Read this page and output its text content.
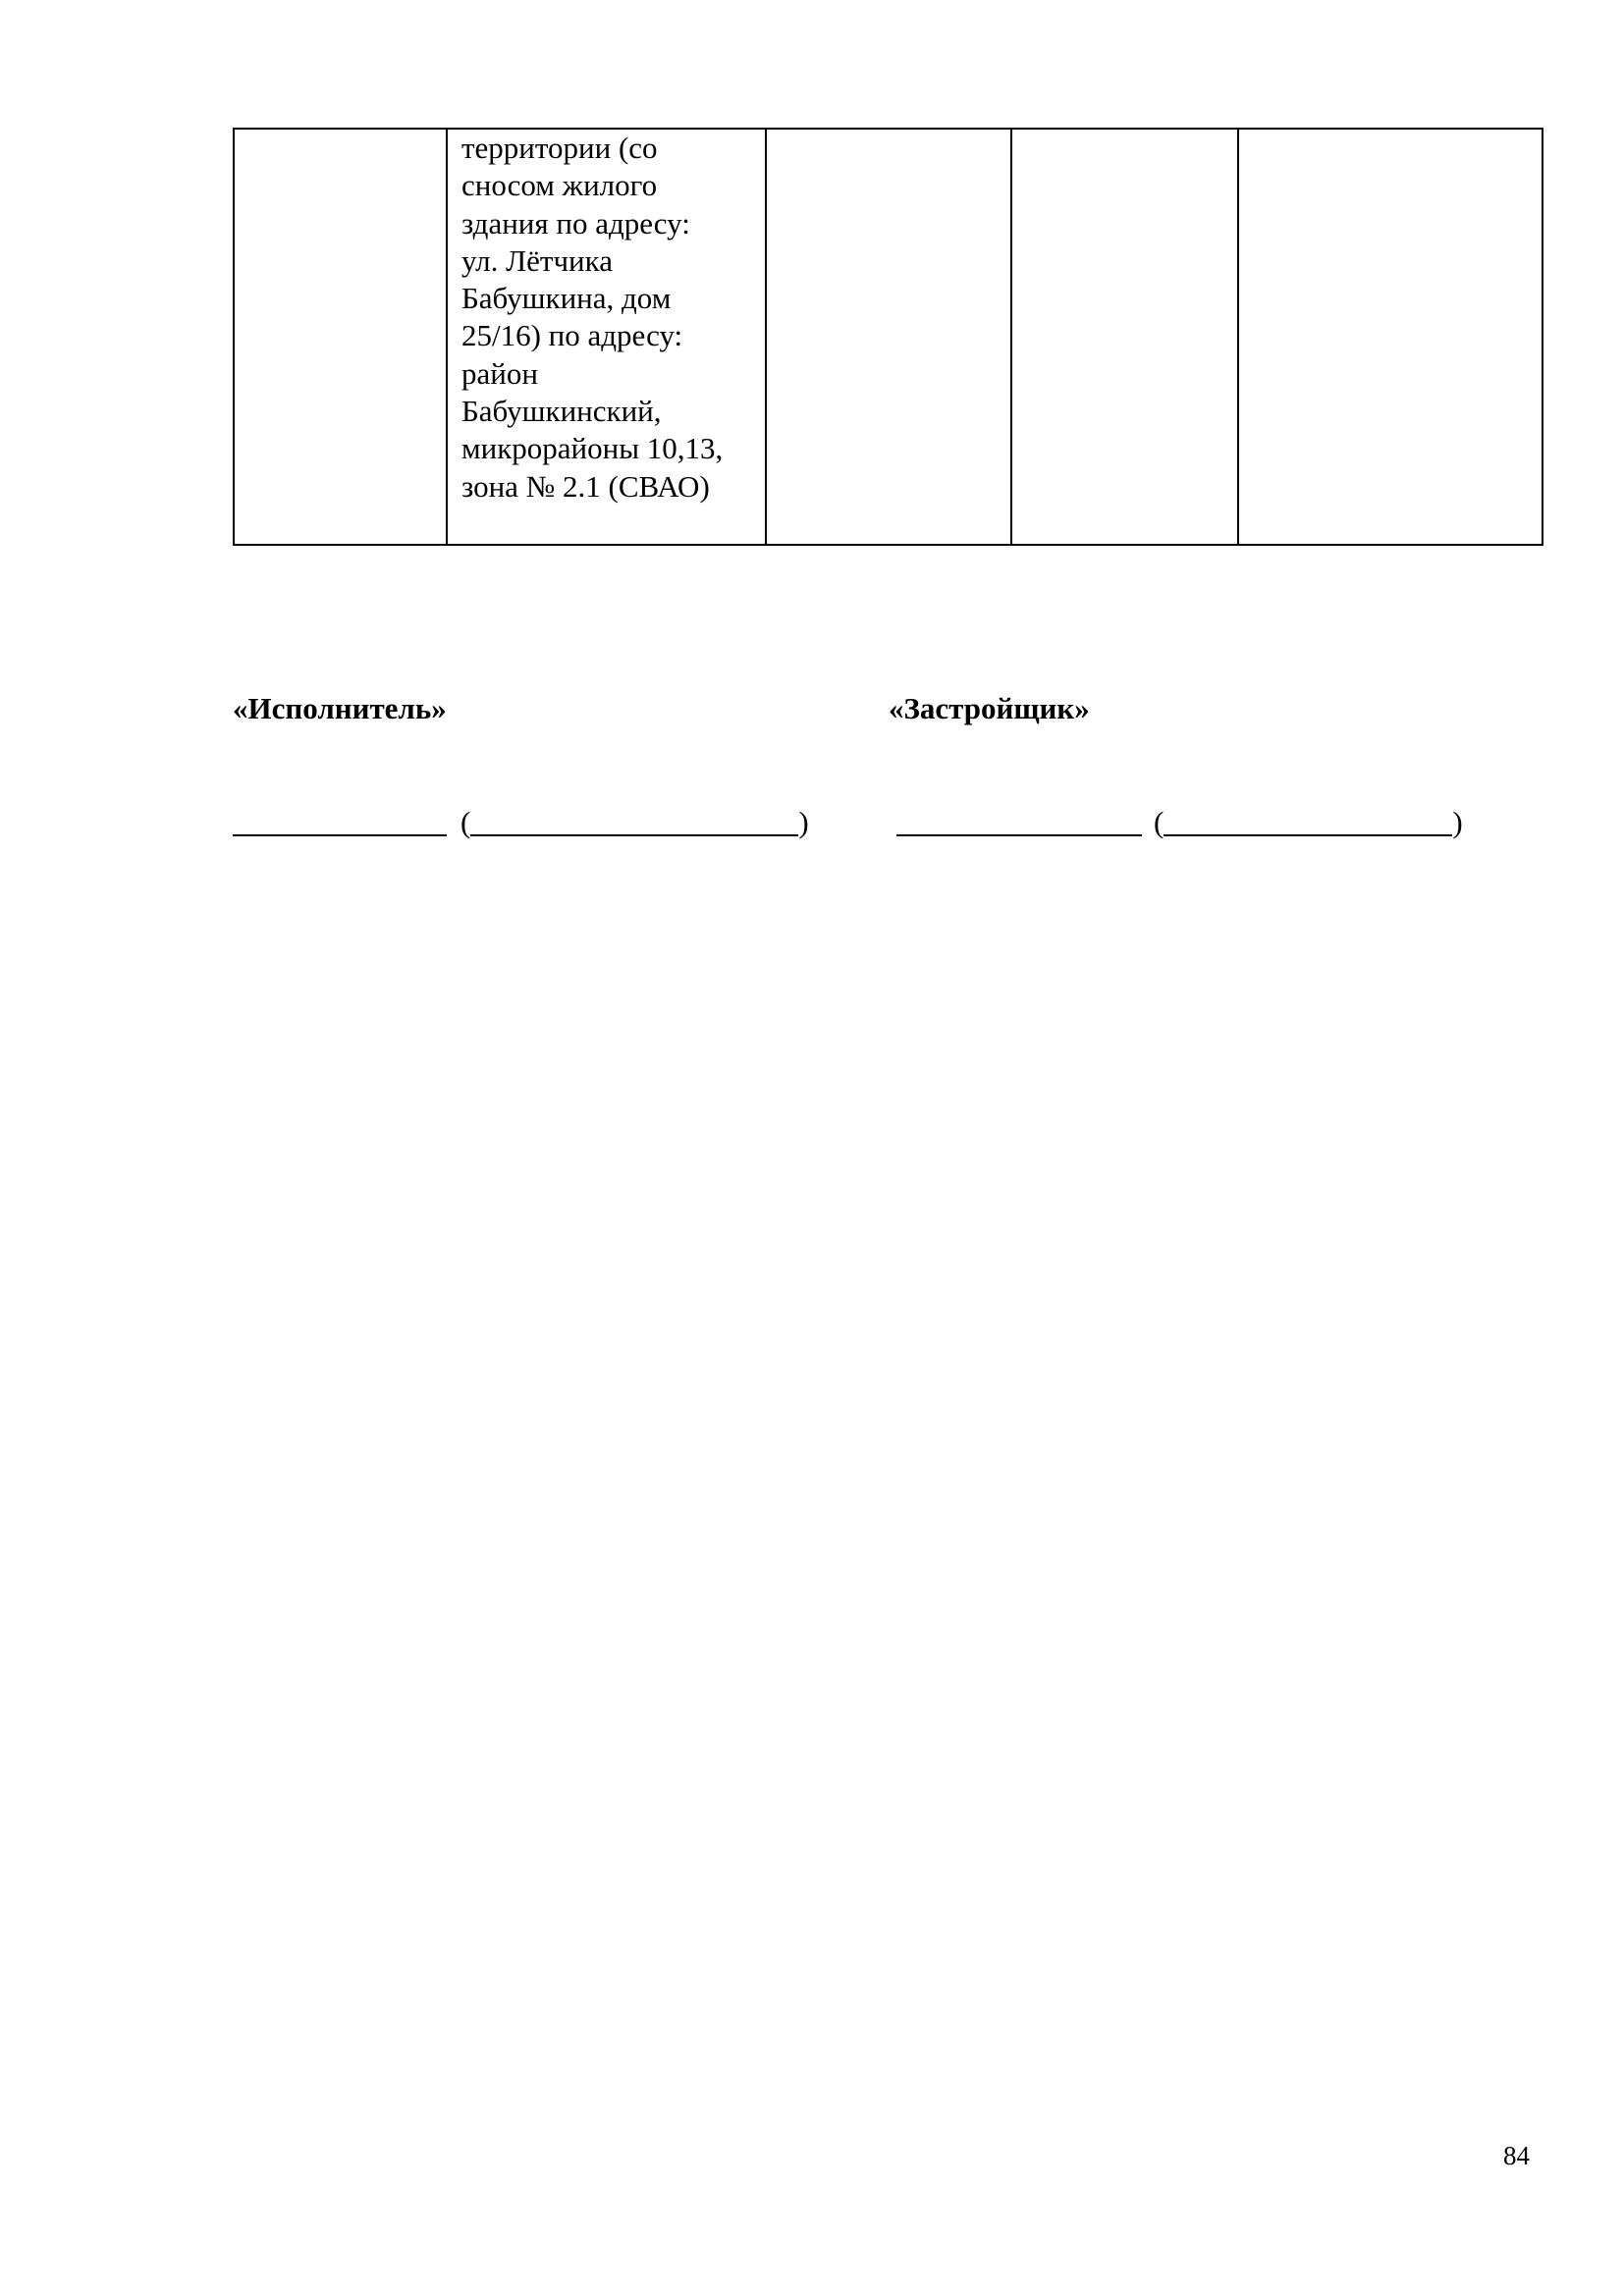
территории (со
сносом жилого
здания по адресу:
ул. Лётчика
Бабушкина, дом
25/16) по адресу:
район
Бабушкинский,
микрорайоны 10,13,
зона № 2.1 (СВАО)

«Исполнитель»	«Застройщик»
(	)	(	)
84
